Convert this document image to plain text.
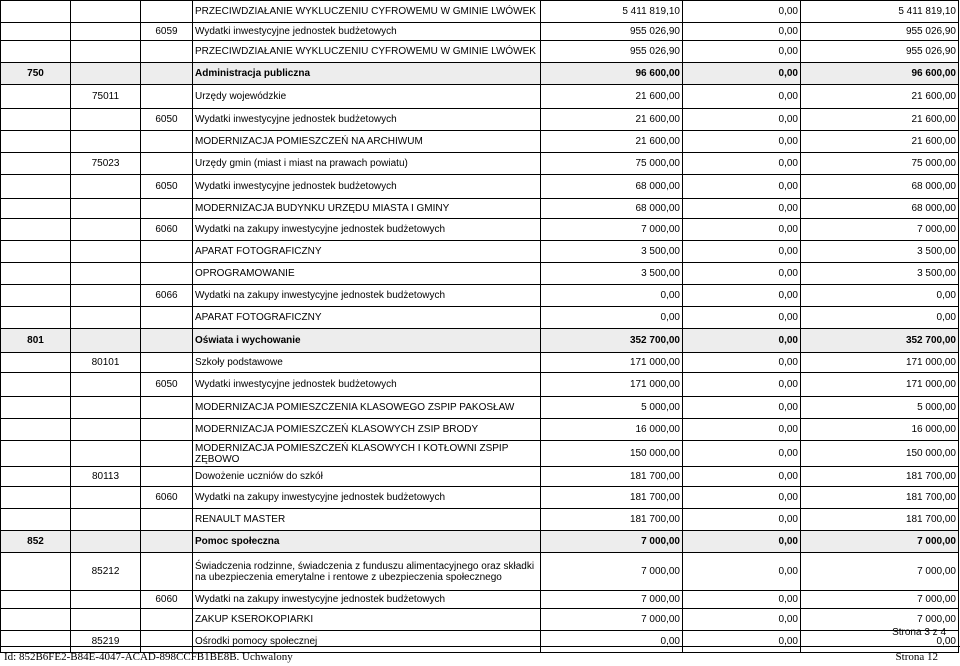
			PRZECIWDZIAŁANIE WYKLUCZENIU CYFROWEMU W GMINIE LWÓWEK	5 411 819,10	0,00	5 411 819,10
		6059	Wydatki inwestycyjne jednostek budżetowych	955 026,90	0,00	955 026,90
			PRZECIWDZIAŁANIE WYKLUCZENIU CYFROWEMU W GMINIE LWÓWEK	955 026,90	0,00	955 026,90
750			Administracja publiczna	96 600,00	0,00	96 600,00
	75011		Urzędy wojewódzkie	21 600,00	0,00	21 600,00
		6050	Wydatki inwestycyjne jednostek budżetowych	21 600,00	0,00	21 600,00
			MODERNIZACJA POMIESZCZEŃ NA ARCHIWUM	21 600,00	0,00	21 600,00
	75023		Urzędy gmin (miast i miast na prawach powiatu)	75 000,00	0,00	75 000,00
		6050	Wydatki inwestycyjne jednostek budżetowych	68 000,00	0,00	68 000,00
			MODERNIZACJA BUDYNKU URZĘDU MIASTA I GMINY	68 000,00	0,00	68 000,00
		6060	Wydatki na zakupy inwestycyjne jednostek budżetowych	7 000,00	0,00	7 000,00
			APARAT FOTOGRAFICZNY	3 500,00	0,00	3 500,00
			OPROGRAMOWANIE	3 500,00	0,00	3 500,00
		6066	Wydatki na zakupy inwestycyjne jednostek budżetowych	0,00	0,00	0,00
			APARAT FOTOGRAFICZNY	0,00	0,00	0,00
801			Oświata i wychowanie	352 700,00	0,00	352 700,00
	80101		Szkoły podstawowe	171 000,00	0,00	171 000,00
		6050	Wydatki inwestycyjne jednostek budżetowych	171 000,00	0,00	171 000,00
			MODERNIZACJA POMIESZCZENIA KLASOWEGO ZSPIP PAKOSŁAW	5 000,00	0,00	5 000,00
			MODERNIZACJA POMIESZCZEŃ KLASOWYCH ZSIP BRODY	16 000,00	0,00	16 000,00
			MODERNIZACJA POMIESZCZEŃ KLASOWYCH I KOTŁOWNI ZSPIP ZĘBOWO	150 000,00	0,00	150 000,00
	80113		Dowożenie uczniów do szkół	181 700,00	0,00	181 700,00
		6060	Wydatki na zakupy inwestycyjne jednostek budżetowych	181 700,00	0,00	181 700,00
			RENAULT MASTER	181 700,00	0,00	181 700,00
852			Pomoc społeczna	7 000,00	0,00	7 000,00
	85212		Świadczenia rodzinne, świadczenia z funduszu alimentacyjnego oraz składki na ubezpieczenia emerytalne i rentowe z ubezpieczenia społecznego	7 000,00	0,00	7 000,00
		6060	Wydatki na zakupy inwestycyjne jednostek budżetowych	7 000,00	0,00	7 000,00
			ZAKUP KSEROKOPIARKI	7 000,00	0,00	7 000,00
	85219		Ośrodki pomocy społecznej	0,00	0,00	0,00
Strona 3 z 4
Id: 852B6FE2-B84E-4047-ACAD-898CCFB1BE8B. Uchwalony	Strona 12
